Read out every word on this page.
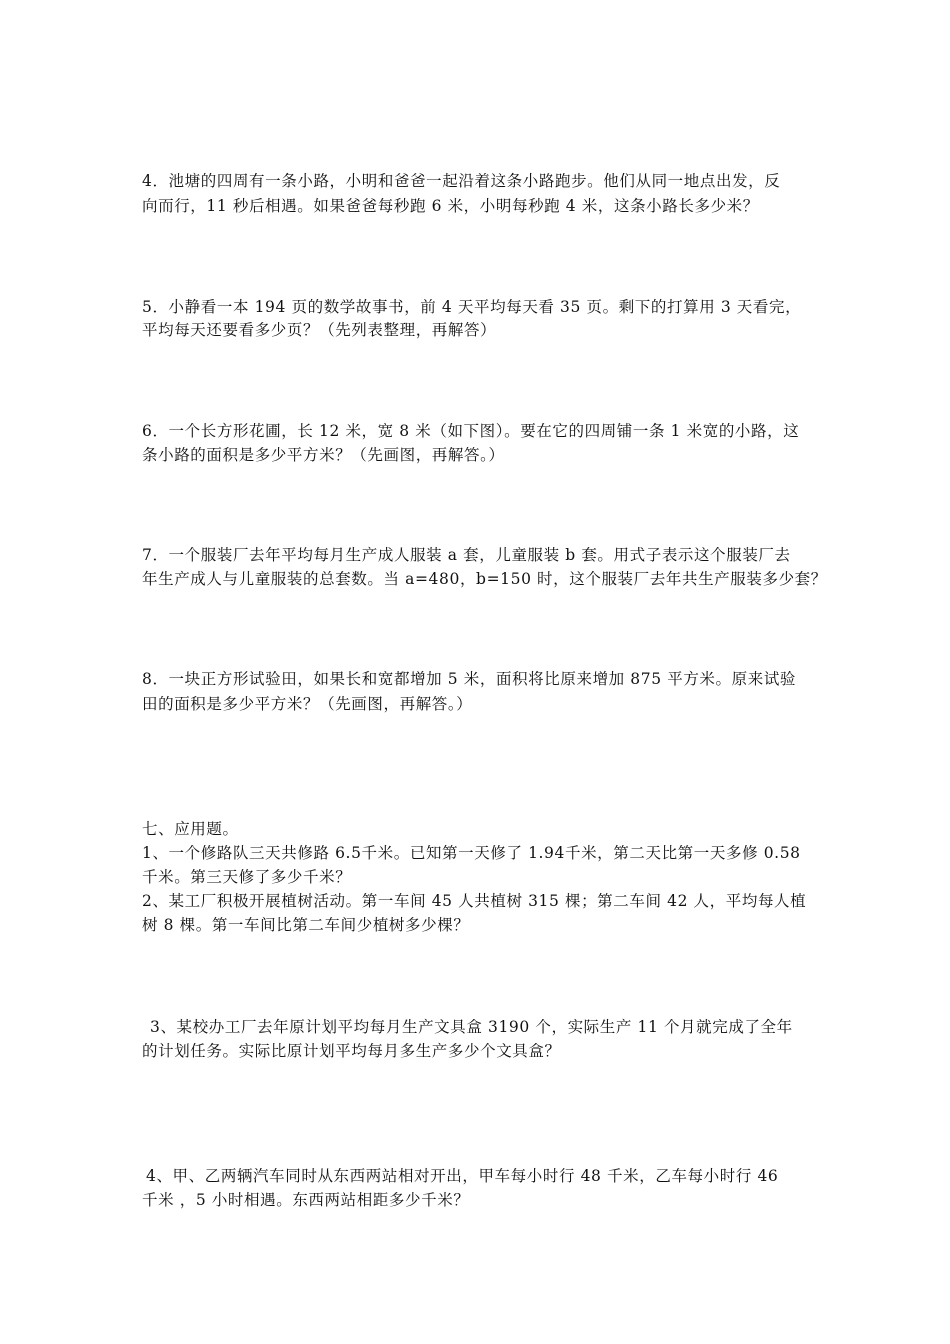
4．池塘的四周有一条小路，小明和爸爸一起沿着这条小路跑步。他们从同一地点出发，反
向而行，11 秒后相遇。如果爸爸每秒跑 6 米，小明每秒跑 4 米，这条小路长多少米？
5．小静看一本 194 页的数学故事书，前 4 天平均每天看 35 页。剩下的打算用 3 天看完，
平均每天还要看多少页？（先列表整理，再解答）
6．一个长方形花圃，长 12 米，宽 8 米（如下图）。要在它的四周铺一条 1 米宽的小路，这
条小路的面积是多少平方米？（先画图，再解答。）
7．一个服装厂去年平均每月生产成人服装 a 套，儿童服装 b 套。用式子表示这个服装厂去
年生产成人与儿童服装的总套数。当 a=480，b=150 时，这个服装厂去年共生产服装多少套？
8．一块正方形试验田，如果长和宽都增加 5 米，面积将比原来增加 875 平方米。原来试验
田的面积是多少平方米？（先画图，再解答。）
七、应用题。
1、一个修路队三天共修路 6.5千米。已知第一天修了 1.94千米，第二天比第一天多修 0.58
千米。第三天修了多少千米？
2、某工厂积极开展植树活动。第一车间 45 人共植树 315 棵；第二车间 42 人，平均每人植
树 8 棵。第一车间比第二车间少植树多少棵？
3、某校办工厂去年原计划平均每月生产文具盒 3190 个，实际生产 11 个月就完成了全年
的计划任务。实际比原计划平均每月多生产多少个文具盒？
4、甲、乙两辆汽车同时从东西两站相对开出，甲车每小时行 48 千米，乙车每小时行 46
千米 ，5 小时相遇。东西两站相距多少千米？
